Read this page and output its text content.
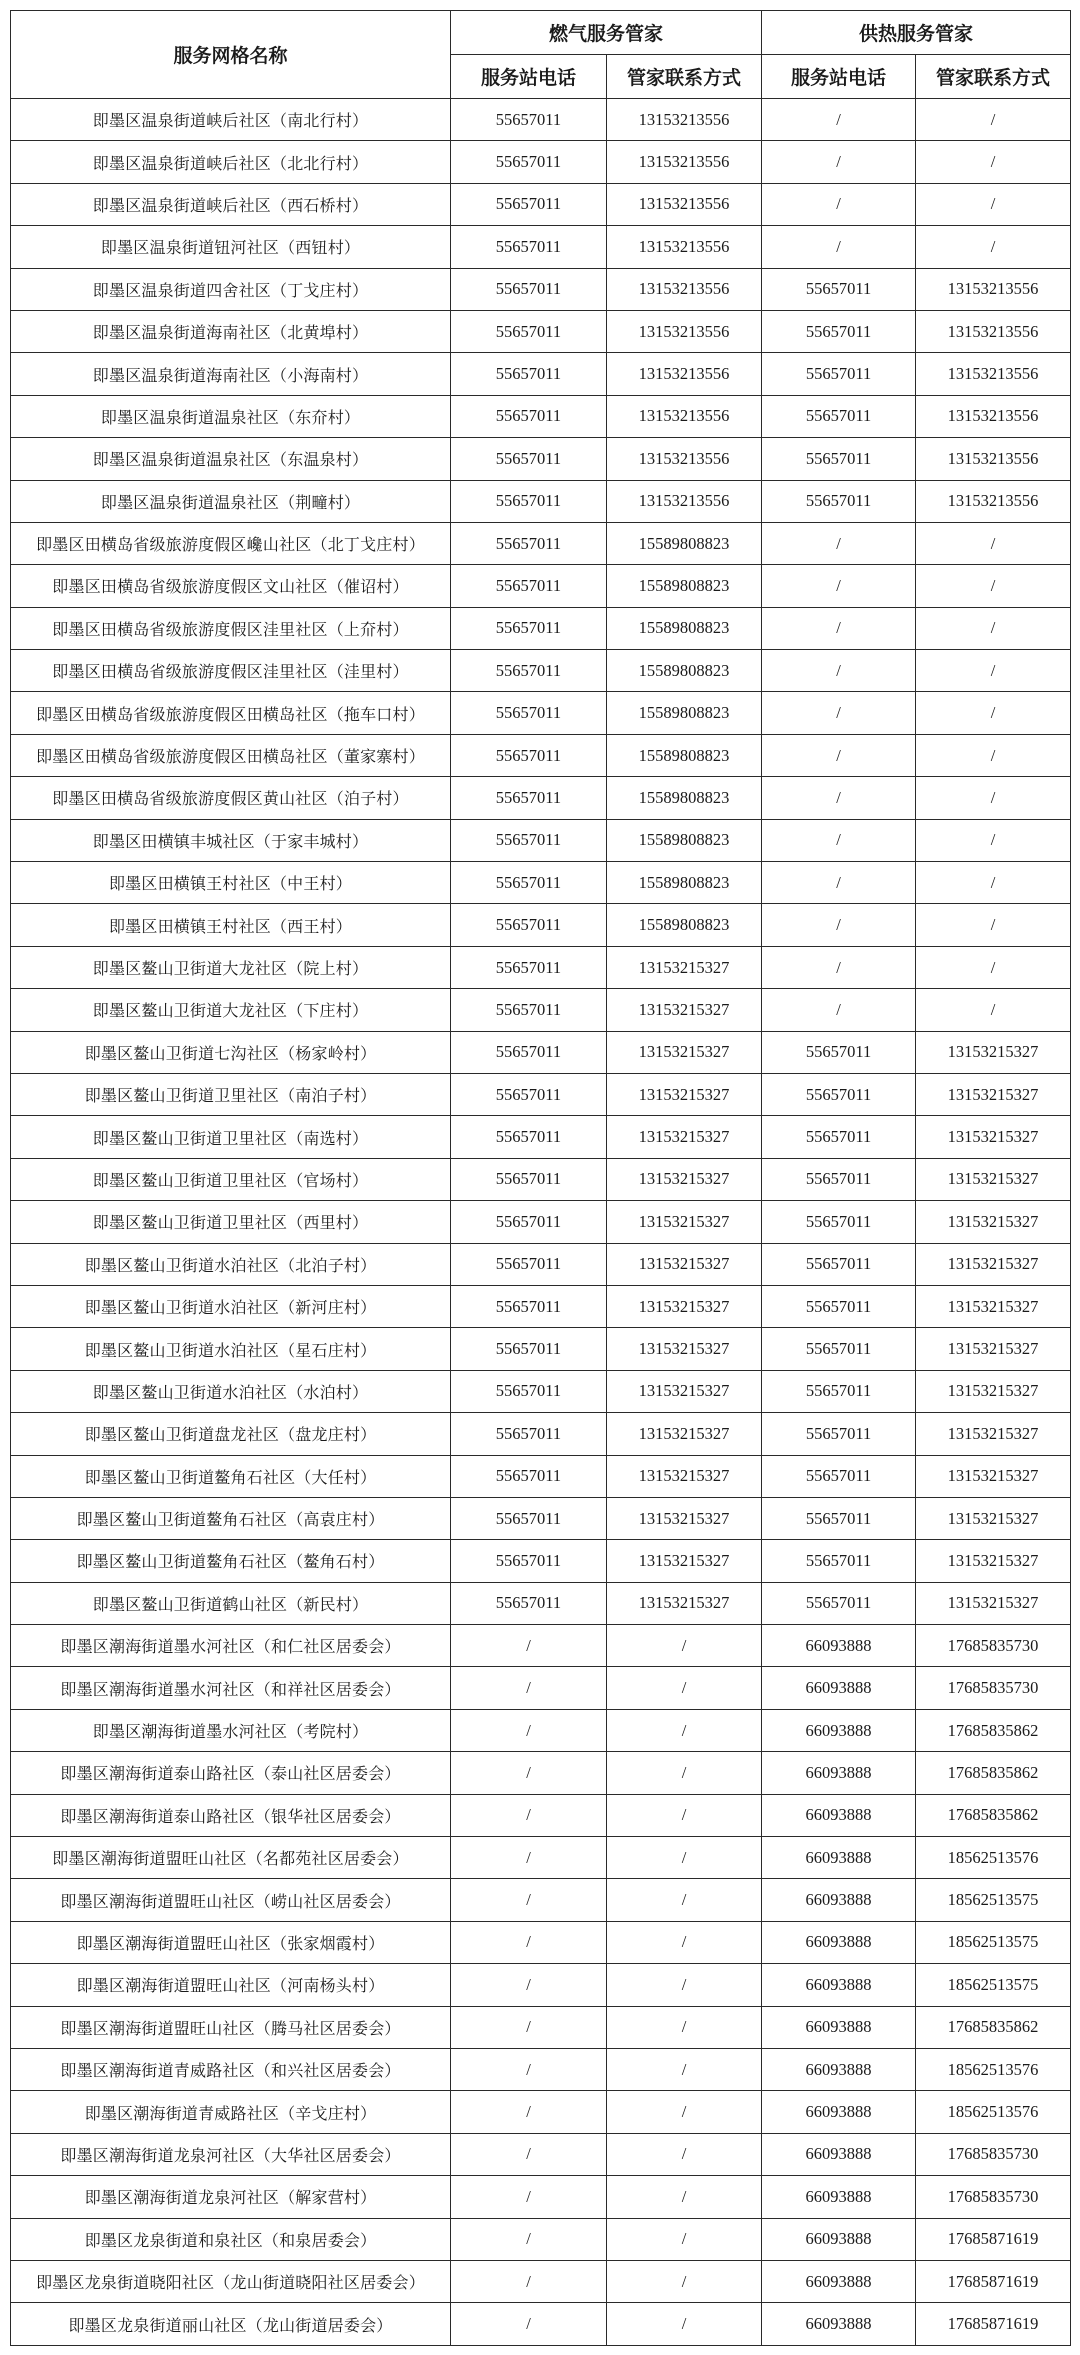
服务网格名称	燃气服务管家		供热服务管家	
	服务站电话	管家联系方式	服务站电话	管家联系方式
即墨区温泉街道峡后社区（南北行村）	55657011	13153213556	/	/
即墨区温泉街道峡后社区（北北行村）	55657011	13153213556	/	/
即墨区温泉街道峡后社区（西石桥村）	55657011	13153213556	/	/
即墨区温泉街道钮河社区（西钮村）	55657011	13153213556	/	/
即墨区温泉街道四舍社区（丁戈庄村）	55657011	13153213556	55657011	13153213556
即墨区温泉街道海南社区（北黄埠村）	55657011	13153213556	55657011	13153213556
即墨区温泉街道海南社区（小海南村）	55657011	13153213556	55657011	13153213556
即墨区温泉街道温泉社区（东夼村）	55657011	13153213556	55657011	13153213556
即墨区温泉街道温泉社区（东温泉村）	55657011	13153213556	55657011	13153213556
即墨区温泉街道温泉社区（荆疃村）	55657011	13153213556	55657011	13153213556
即墨区田横岛省级旅游度假区巉山社区（北丁戈庄村）	55657011	15589808823	/	/
即墨区田横岛省级旅游度假区文山社区（催诏村）	55657011	15589808823	/	/
即墨区田横岛省级旅游度假区洼里社区（上夼村）	55657011	15589808823	/	/
即墨区田横岛省级旅游度假区洼里社区（洼里村）	55657011	15589808823	/	/
即墨区田横岛省级旅游度假区田横岛社区（拖车口村）	55657011	15589808823	/	/
即墨区田横岛省级旅游度假区田横岛社区（董家寨村）	55657011	15589808823	/	/
即墨区田横岛省级旅游度假区黄山社区（泊子村）	55657011	15589808823	/	/
即墨区田横镇丰城社区（于家丰城村）	55657011	15589808823	/	/
即墨区田横镇王村社区（中王村）	55657011	15589808823	/	/
即墨区田横镇王村社区（西王村）	55657011	15589808823	/	/
即墨区鳌山卫街道大龙社区（院上村）	55657011	13153215327	/	/
即墨区鳌山卫街道大龙社区（下庄村）	55657011	13153215327	/	/
即墨区鳌山卫街道七沟社区（杨家岭村）	55657011	13153215327	55657011	13153215327
即墨区鳌山卫街道卫里社区（南泊子村）	55657011	13153215327	55657011	13153215327
即墨区鳌山卫街道卫里社区（南选村）	55657011	13153215327	55657011	13153215327
即墨区鳌山卫街道卫里社区（官场村）	55657011	13153215327	55657011	13153215327
即墨区鳌山卫街道卫里社区（西里村）	55657011	13153215327	55657011	13153215327
即墨区鳌山卫街道水泊社区（北泊子村）	55657011	13153215327	55657011	13153215327
即墨区鳌山卫街道水泊社区（新河庄村）	55657011	13153215327	55657011	13153215327
即墨区鳌山卫街道水泊社区（星石庄村）	55657011	13153215327	55657011	13153215327
即墨区鳌山卫街道水泊社区（水泊村）	55657011	13153215327	55657011	13153215327
即墨区鳌山卫街道盘龙社区（盘龙庄村）	55657011	13153215327	55657011	13153215327
即墨区鳌山卫街道鳌角石社区（大任村）	55657011	13153215327	55657011	13153215327
即墨区鳌山卫街道鳌角石社区（高袁庄村）	55657011	13153215327	55657011	13153215327
即墨区鳌山卫街道鳌角石社区（鳌角石村）	55657011	13153215327	55657011	13153215327
即墨区鳌山卫街道鹤山社区（新民村）	55657011	13153215327	55657011	13153215327
即墨区潮海街道墨水河社区（和仁社区居委会）	/	/	66093888	17685835730
即墨区潮海街道墨水河社区（和祥社区居委会）	/	/	66093888	17685835730
即墨区潮海街道墨水河社区（考院村）	/	/	66093888	17685835862
即墨区潮海街道泰山路社区（泰山社区居委会）	/	/	66093888	17685835862
即墨区潮海街道泰山路社区（银华社区居委会）	/	/	66093888	17685835862
即墨区潮海街道盟旺山社区（名都苑社区居委会）	/	/	66093888	18562513576
即墨区潮海街道盟旺山社区（崂山社区居委会）	/	/	66093888	18562513575
即墨区潮海街道盟旺山社区（张家烟霞村）	/	/	66093888	18562513575
即墨区潮海街道盟旺山社区（河南杨头村）	/	/	66093888	18562513575
即墨区潮海街道盟旺山社区（腾马社区居委会）	/	/	66093888	17685835862
即墨区潮海街道青威路社区（和兴社区居委会）	/	/	66093888	18562513576
即墨区潮海街道青威路社区（辛戈庄村）	/	/	66093888	18562513576
即墨区潮海街道龙泉河社区（大华社区居委会）	/	/	66093888	17685835730
即墨区潮海街道龙泉河社区（解家营村）	/	/	66093888	17685835730
即墨区龙泉街道和泉社区（和泉居委会）	/	/	66093888	17685871619
即墨区龙泉街道晓阳社区（龙山街道晓阳社区居委会）	/	/	66093888	17685871619
即墨区龙泉街道丽山社区（龙山街道居委会）	/	/	66093888	17685871619
